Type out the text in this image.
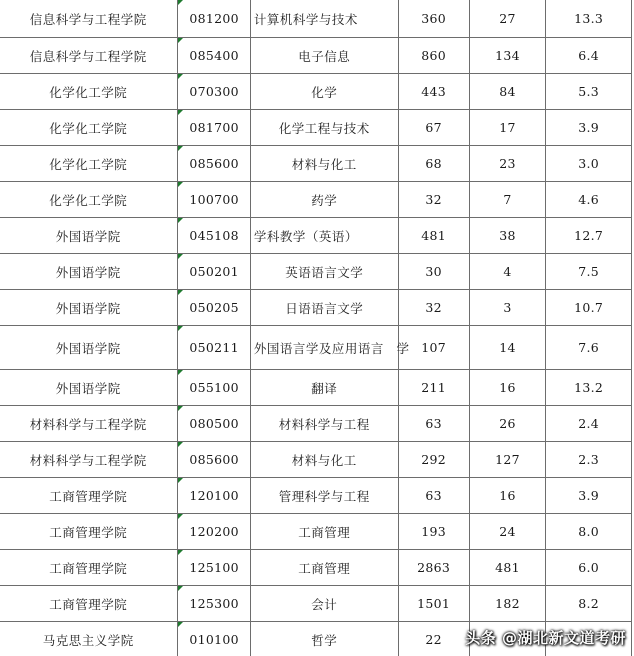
信息科学与工程学院	081200	计算机科学与技术	360	27	13.3
信息科学与工程学院	085400	电子信息	860	134	6.4
化学化工学院	070300	化学	443	84	5.3
化学化工学院	081700	化学工程与技术	67	17	3.9
化学化工学院	085600	材料与化工	68	23	3.0
化学化工学院	100700	药学	32	7	4.6
外国语学院	045108	学科教学（英语）	481	38	12.7
外国语学院	050201	英语语言文学	30	4	7.5
外国语学院	050205	日语语言文学	32	3	10.7
外国语学院	050211	外国语言学及应用语言 学	107	14	7.6
外国语学院	055100	翻译	211	16	13.2
材料科学与工程学院	080500	材料科学与工程	63	26	2.4
材料科学与工程学院	085600	材料与化工	292	127	2.3
工商管理学院	120100	管理科学与工程	63	16	3.9
工商管理学院	120200	工商管理	193	24	8.0
工商管理学院	125100	工商管理	2863	481	6.0
工商管理学院	125300	会计	1501	182	8.2
马克思主义学院	010100	哲学	22		头条 @湖北新文道考研
